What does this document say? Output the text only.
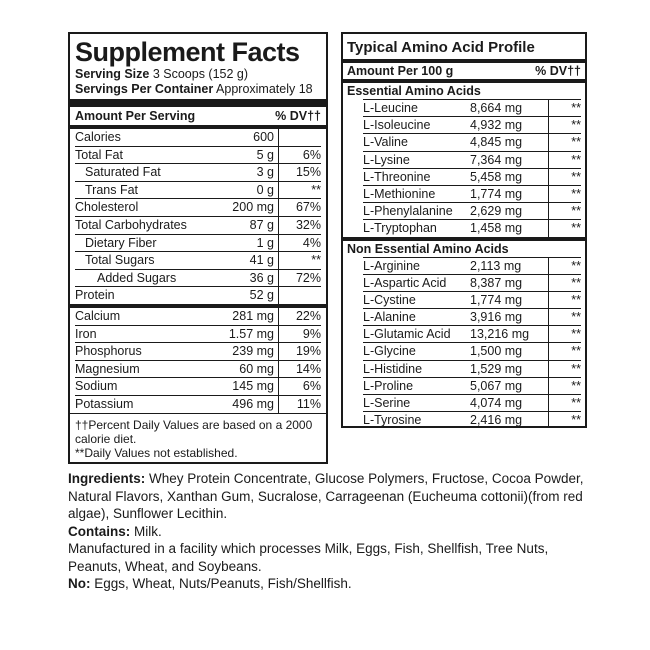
Supplement Facts
Serving Size 3 Scoops (152 g)
Servings Per Container Approximately 18
Amount Per Serving	% DV††
Calories	600
Total Fat	5 g	6%
Saturated Fat	3 g	15%
Trans Fat	0 g	**
Cholesterol	200 mg	67%
Total Carbohydrates	87 g	32%
Dietary Fiber	1 g	4%
Total Sugars	41 g	**
Added Sugars	36 g	72%
Protein	52 g
Calcium	281 mg	22%
Iron	1.57 mg	9%
Phosphorus	239 mg	19%
Magnesium	60 mg	14%
Sodium	145 mg	6%
Potassium	496 mg	11%
††Percent Daily Values are based on a 2000 calorie diet.
**Daily Values not established.
Typical Amino Acid Profile
Amount Per 100 g	% DV††
Essential Amino Acids
L-Leucine	8,664 mg	**
L-Isoleucine	4,932 mg	**
L-Valine	4,845 mg	**
L-Lysine	7,364 mg	**
L-Threonine	5,458 mg	**
L-Methionine	1,774 mg	**
L-Phenylalanine	2,629 mg	**
L-Tryptophan	1,458 mg	**
Non Essential Amino Acids
L-Arginine	2,113 mg	**
L-Aspartic Acid	8,387 mg	**
L-Cystine	1,774 mg	**
L-Alanine	3,916 mg	**
L-Glutamic Acid	13,216 mg	**
L-Glycine	1,500 mg	**
L-Histidine	1,529 mg	**
L-Proline	5,067 mg	**
L-Serine	4,074 mg	**
L-Tyrosine	2,416 mg	**

Ingredients: Whey Protein Concentrate, Glucose Polymers, Fructose, Cocoa Powder, Natural Flavors, Xanthan Gum, Sucralose, Carrageenan (Eucheuma cottonii)(from red algae), Sunflower Lecithin.

Contains: Milk.

Manufactured in a facility which processes Milk, Eggs, Fish, Shellfish, Tree Nuts, Peanuts, Wheat, and Soybeans.

No: Eggs, Wheat, Nuts/Peanuts, Fish/Shellfish.
